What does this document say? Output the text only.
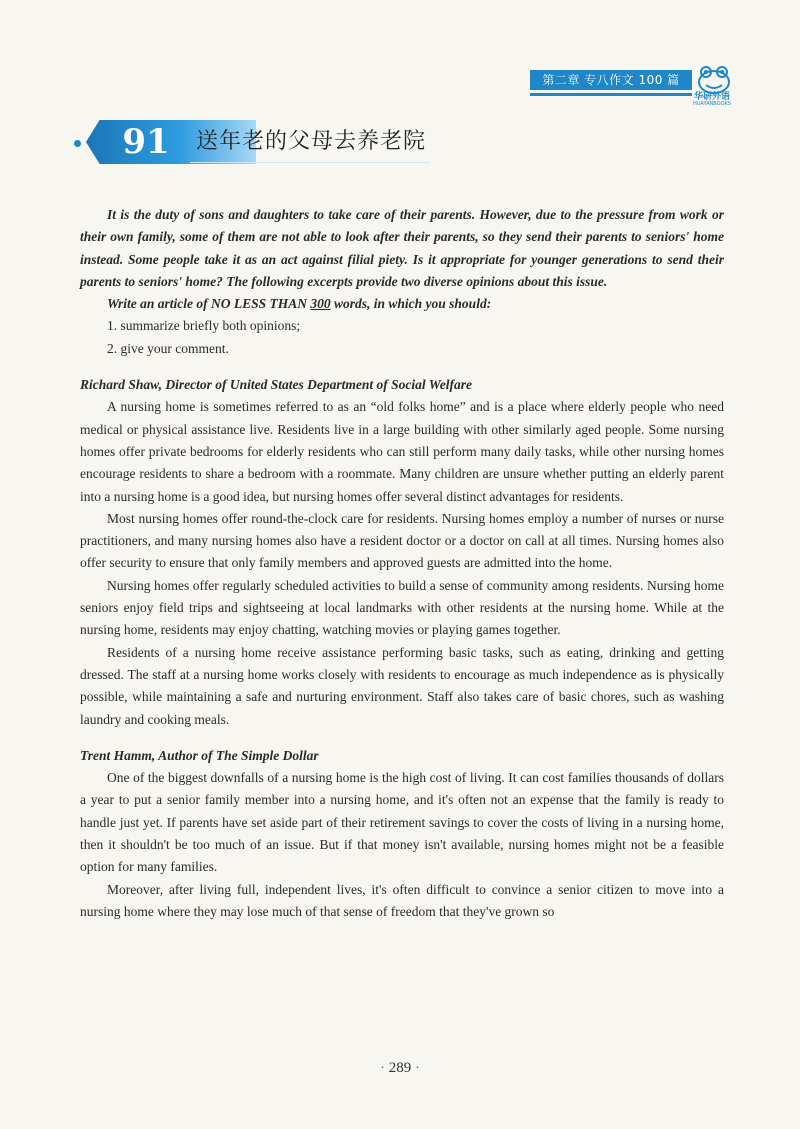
第二章 专八作文 100 篇
华研外语
HUAYANBOOKS
91	送年老的父母去养老院

It is the duty of sons and daughters to take care of their parents. However, due to the pressure from work or their own family, some of them are not able to look after their parents, so they send their parents to seniors' home instead. Some people take it as an act against filial piety. Is it appropriate for younger generations to send their parents to seniors' home? The following excerpts provide two diverse opinions about this issue.

Write an article of NO LESS THAN 300 words, in which you should:

1. summarize briefly both opinions;

2. give your comment.

Richard Shaw, Director of United States Department of Social Welfare

A nursing home is sometimes referred to as an “old folks home” and is a place where elderly people who need medical or physical assistance live. Residents live in a large building with other similarly aged people. Some nursing homes offer private bedrooms for elderly residents who can still perform many daily tasks, while other nursing homes encourage residents to share a bedroom with a roommate. Many children are unsure whether putting an elderly parent into a nursing home is a good idea, but nursing homes offer several distinct advantages for residents.

Most nursing homes offer round-the-clock care for residents. Nursing homes employ a number of nurses or nurse practitioners, and many nursing homes also have a resident doctor or a doctor on call at all times. Nursing homes also offer security to ensure that only family members and approved guests are admitted into the home.

Nursing homes offer regularly scheduled activities to build a sense of community among residents. Nursing home seniors enjoy field trips and sightseeing at local landmarks with other residents at the nursing home. While at the nursing home, residents may enjoy chatting, watching movies or playing games together.

Residents of a nursing home receive assistance performing basic tasks, such as eating, drinking and getting dressed. The staff at a nursing home works closely with residents to encourage as much independence as is physically possible, while maintaining a safe and nurturing environment. Staff also takes care of basic chores, such as washing laundry and cooking meals.

Trent Hamm, Author of The Simple Dollar

One of the biggest downfalls of a nursing home is the high cost of living. It can cost families thousands of dollars a year to put a senior family member into a nursing home, and it's often not an expense that the family is ready to handle just yet. If parents have set aside part of their retirement savings to cover the costs of living in a nursing home, then it shouldn't be too much of an issue. But if that money isn't available, nursing homes might not be a feasible option for many families.

Moreover, after living full, independent lives, it's often difficult to convince a senior citizen to move into a nursing home where they may lose much of that sense of freedom that they've grown so

· 289 ·
